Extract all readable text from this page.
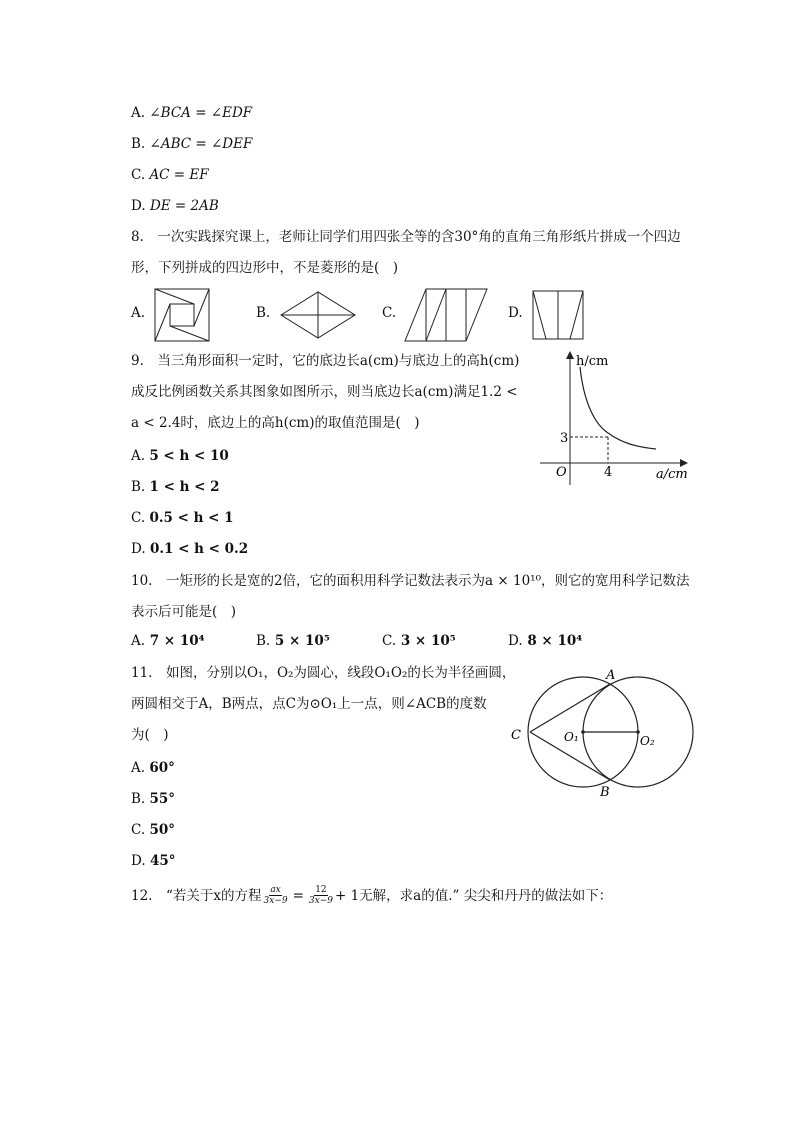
A. ∠BCA = ∠EDF
B. ∠ABC = ∠DEF
C. AC = EF
D. DE = 2AB
8.　一次实践探究课上，老师让同学们用四张全等的含30°角的直角三角形纸片拼成一个四边
形，下列拼成的四边形中，不是菱形的是(　)
A.	B.	C.	D.
9.　当三角形面积一定时，它的底边长a(cm)与底边上的高h(cm)
成反比例函数关系其图象如图所示，则当底边长a(cm)满足1.2 <
a < 2.4时，底边上的高h(cm)的取值范围是(　)
A. 5 < h < 10
B. 1 < h < 2
C. 0.5 < h < 1
D. 0.1 < h < 0.2
h/cm
a/cm
O	4
3
10.　一矩形的长是宽的2倍，它的面积用科学记数法表示为a × 10¹⁰，则它的宽用科学记数法
表示后可能是(　)
A. 7 × 10⁴	B. 5 × 10⁵	C. 3 × 10⁵	D. 8 × 10⁴
11.　如图，分别以O₁，O₂为圆心，线段O₁O₂的长为半径画圆，
两圆相交于A，B两点，点C为⊙O₁上一点，则∠ACB的度数
为(　)
A. 60°
B. 55°
C. 50°
D. 45°
A
B
C	O₁	O₂
12.　“若关于x的方程 $\frac{ax}{3x-9} = \frac{12}{3x-9} + 1$无解，求a的值.” 尖尖和丹丹的做法如下：
